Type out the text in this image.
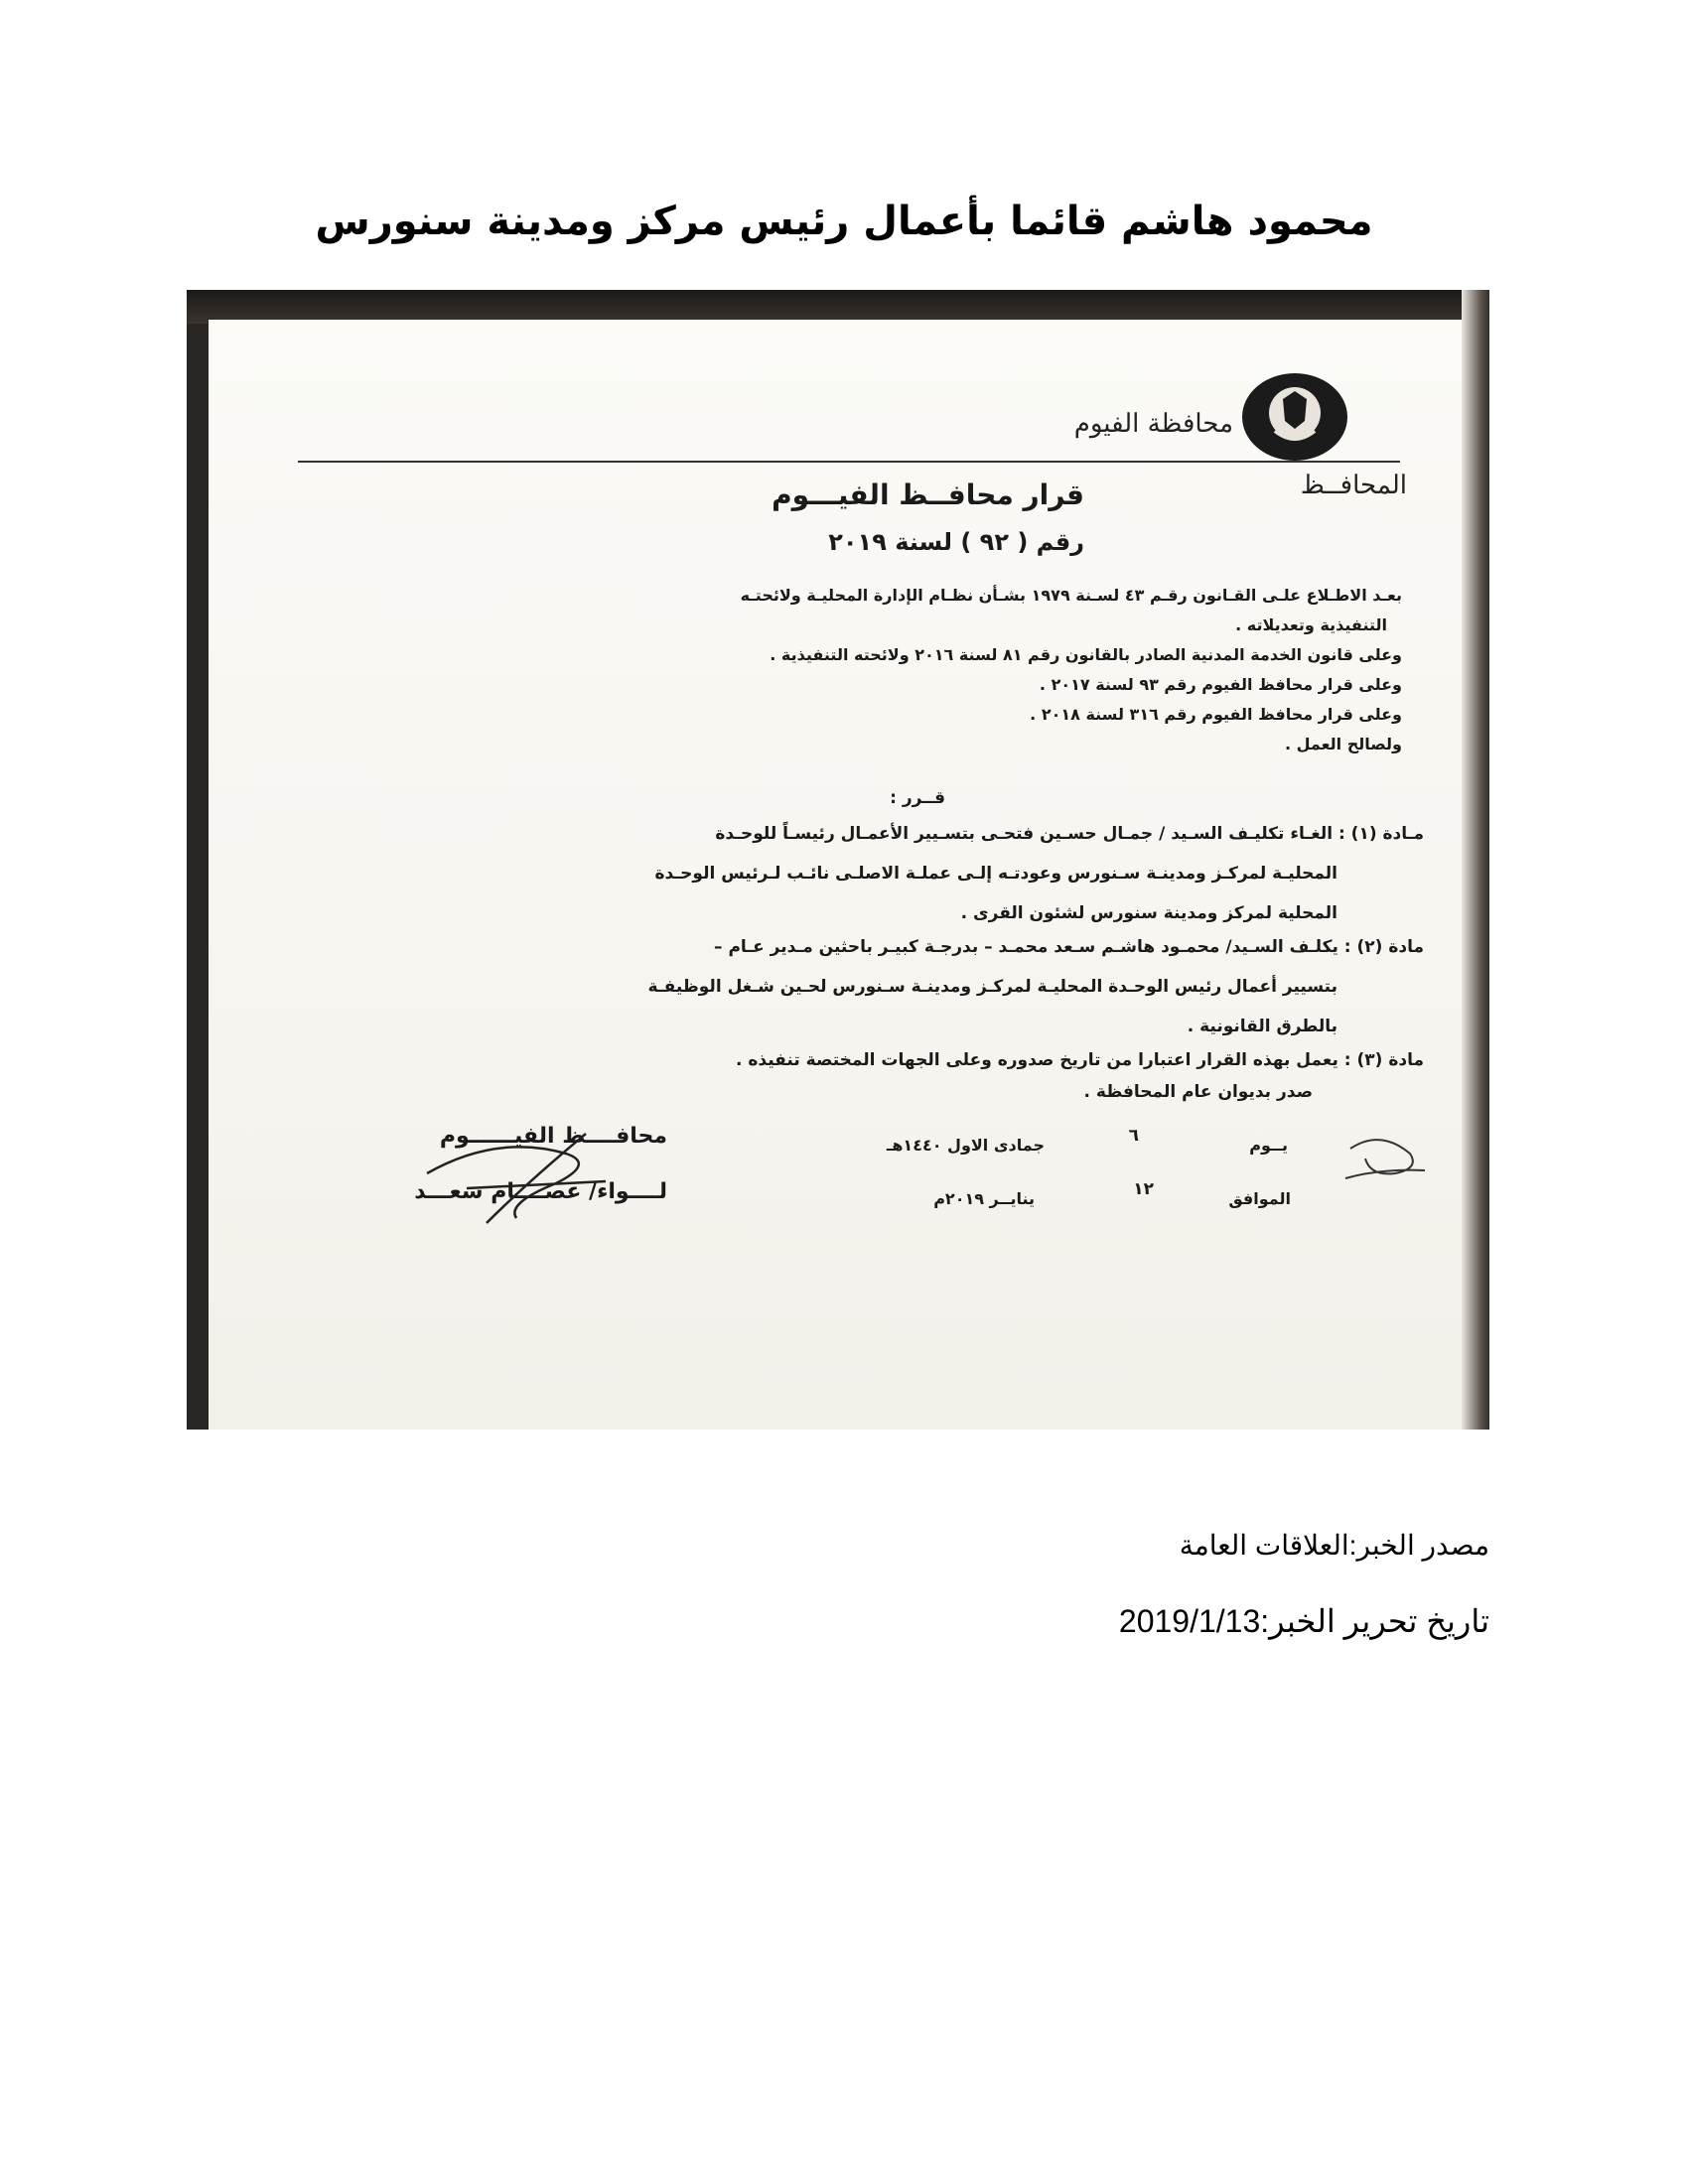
محمود هاشم قائما بأعمال رئيس مركز ومدينة سنورس
محافظة الفيوم
المحافــظ
قرار محافــظ الفيـــوم
رقم ( ٩٢ ) لسنة ٢٠١٩
بعـد الاطـلاع علـى القـانون رقـم ٤٣ لسـنة ١٩٧٩ بشـأن نظـام الإدارة المحليـة ولائحتـه
التنفيذية وتعديلاته .
وعلى قانون الخدمة المدنية الصادر بالقانون رقم ٨١ لسنة ٢٠١٦ ولائحته التنفيذية .
وعلى قرار محافظ الفيوم رقم ٩٣ لسنة ٢٠١٧ .
وعلى قرار محافظ الفيوم رقم ٣١٦ لسنة ٢٠١٨ .
ولصالح العمل .
قــرر :
مـادة (١) : الغـاء تكليـف السـيد / جمـال حسـين فتحـى بتسـيير الأعمـال رئيسـاً للوحـدة
المحليـة لمركـز ومدينـة سـنورس وعودتـه إلـى عملـة الاصلـى نائـب لـرئيس الوحـدة
المحلية لمركز ومدينة سنورس لشئون القرى .
مادة (٢) : يكلـف السـيد/ محمـود هاشـم سـعد محمـد – بدرجـة كبيـر باحثين مـدير عـام –
بتسيير أعمال رئيس الوحـدة المحليـة لمركـز ومدينـة سـنورس لحـين شـغل الوظيفـة
بالطرق القانونية .
مادة (٣) : يعمل بهذه القرار اعتبارا من تاريخ صدوره وعلى الجهات المختصة تنفيذه .
صدر بديوان عام المحافظة .
يــوم
٦
جمادى الاول ١٤٤٠هـ
الموافق
١٢
ينايــر ٢٠١٩م
محافــــظ الفيــــــوم
لــــواء/ عصــــام سعـــد
مصدر الخبر:العلاقات العامة
تاريخ تحرير الخبر:2019/1/13
